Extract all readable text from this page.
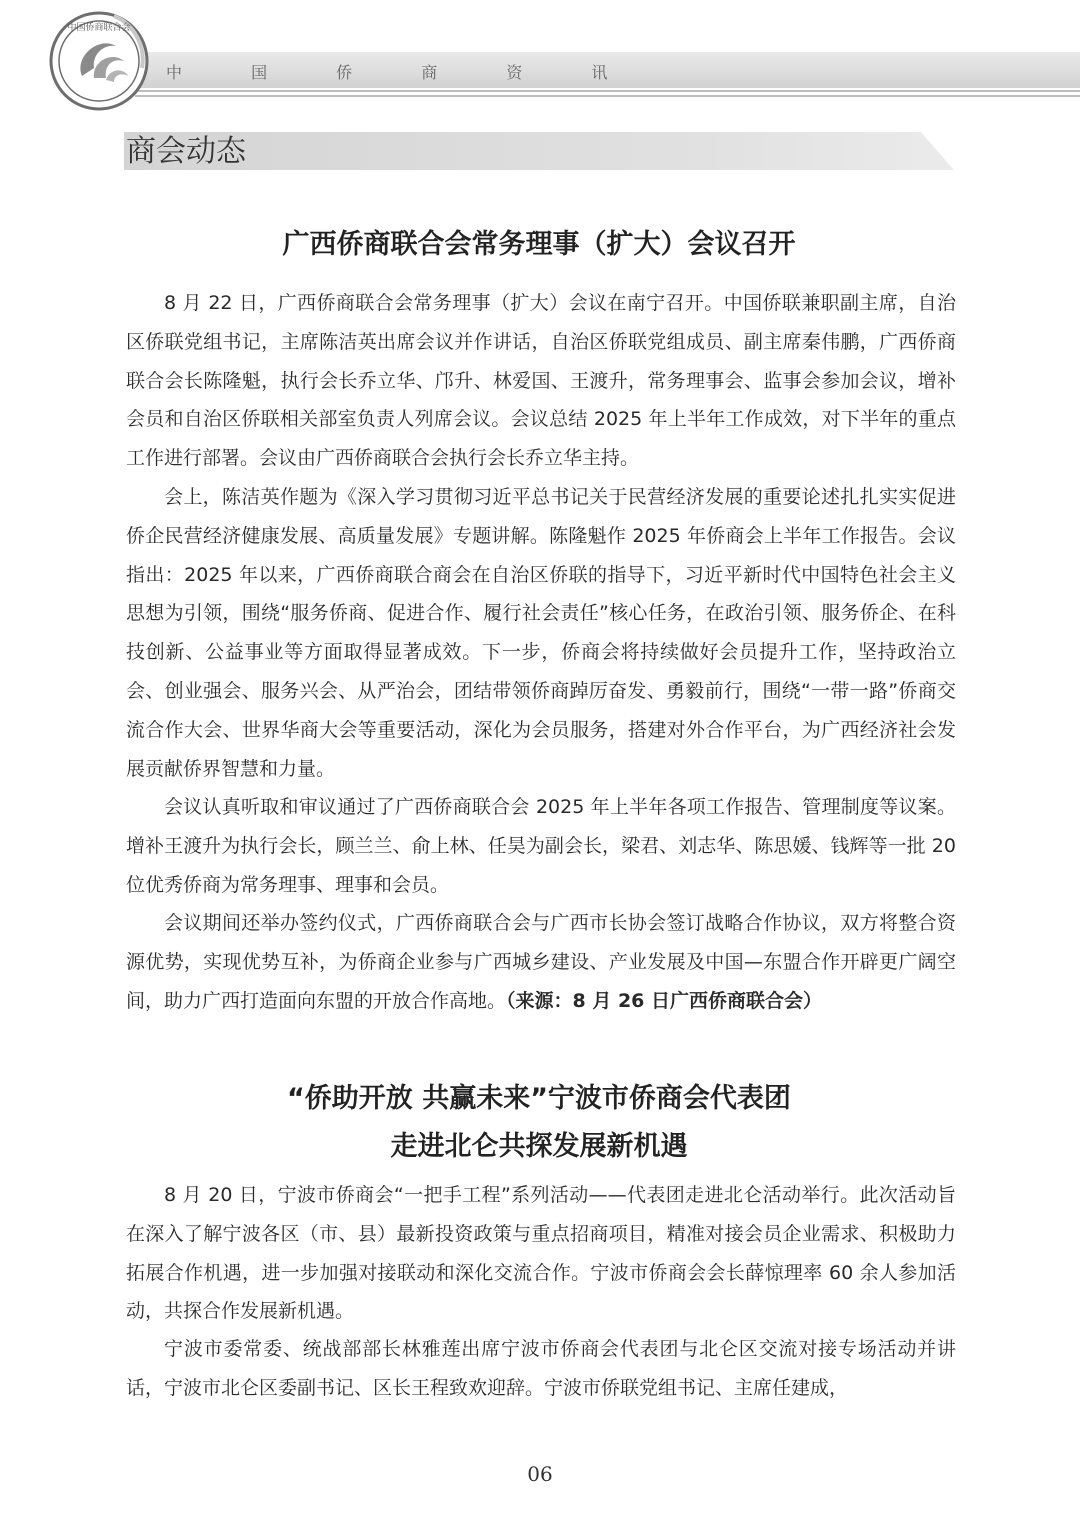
中国侨商联合会
中 国 侨 商 资 讯
商会动态
广西侨商联合会常务理事（扩大）会议召开

8 月 22 日，广西侨商联合会常务理事（扩大）会议在南宁召开。中国侨联兼职副主席，自治区侨联党组书记，主席陈洁英出席会议并作讲话，自治区侨联党组成员、副主席秦伟鹏，广西侨商联合会长陈隆魁，执行会长乔立华、邝升、林爱国、王渡升，常务理事会、监事会参加会议，增补会员和自治区侨联相关部室负责人列席会议。会议总结 2025 年上半年工作成效，对下半年的重点工作进行部署。会议由广西侨商联合会执行会长乔立华主持。

会上，陈洁英作题为《深入学习贯彻习近平总书记关于民营经济发展的重要论述扎扎实实促进侨企民营经济健康发展、高质量发展》专题讲解。陈隆魁作 2025 年侨商会上半年工作报告。会议指出：2025 年以来，广西侨商联合商会在自治区侨联的指导下，习近平新时代中国特色社会主义思想为引领，围绕“服务侨商、促进合作、履行社会责任”核心任务，在政治引领、服务侨企、在科技创新、公益事业等方面取得显著成效。下一步，侨商会将持续做好会员提升工作，坚持政治立会、创业强会、服务兴会、从严治会，团结带领侨商踔厉奋发、勇毅前行，围绕“一带一路”侨商交流合作大会、世界华商大会等重要活动，深化为会员服务，搭建对外合作平台，为广西经济社会发展贡献侨界智慧和力量。

会议认真听取和审议通过了广西侨商联合会 2025 年上半年各项工作报告、管理制度等议案。增补王渡升为执行会长，顾兰兰、俞上林、任昊为副会长，梁君、刘志华、陈思媛、钱辉等一批 20 位优秀侨商为常务理事、理事和会员。

会议期间还举办签约仪式，广西侨商联合会与广西市长协会签订战略合作协议，双方将整合资源优势，实现优势互补，为侨商企业参与广西城乡建设、产业发展及中国—东盟合作开辟更广阔空间，助力广西打造面向东盟的开放合作高地。（来源：8 月 26 日广西侨商联合会）

“侨助开放 共赢未来”宁波市侨商会代表团
走进北仑共探发展新机遇

8 月 20 日，宁波市侨商会“一把手工程”系列活动——代表团走进北仑活动举行。此次活动旨在深入了解宁波各区（市、县）最新投资政策与重点招商项目，精准对接会员企业需求、积极助力拓展合作机遇，进一步加强对接联动和深化交流合作。宁波市侨商会会长薛惊理率 60 余人参加活动，共探合作发展新机遇。

宁波市委常委、统战部部长林雅莲出席宁波市侨商会代表团与北仑区交流对接专场活动并讲话，宁波市北仑区委副书记、区长王程致欢迎辞。宁波市侨联党组书记、主席任建成，

06
